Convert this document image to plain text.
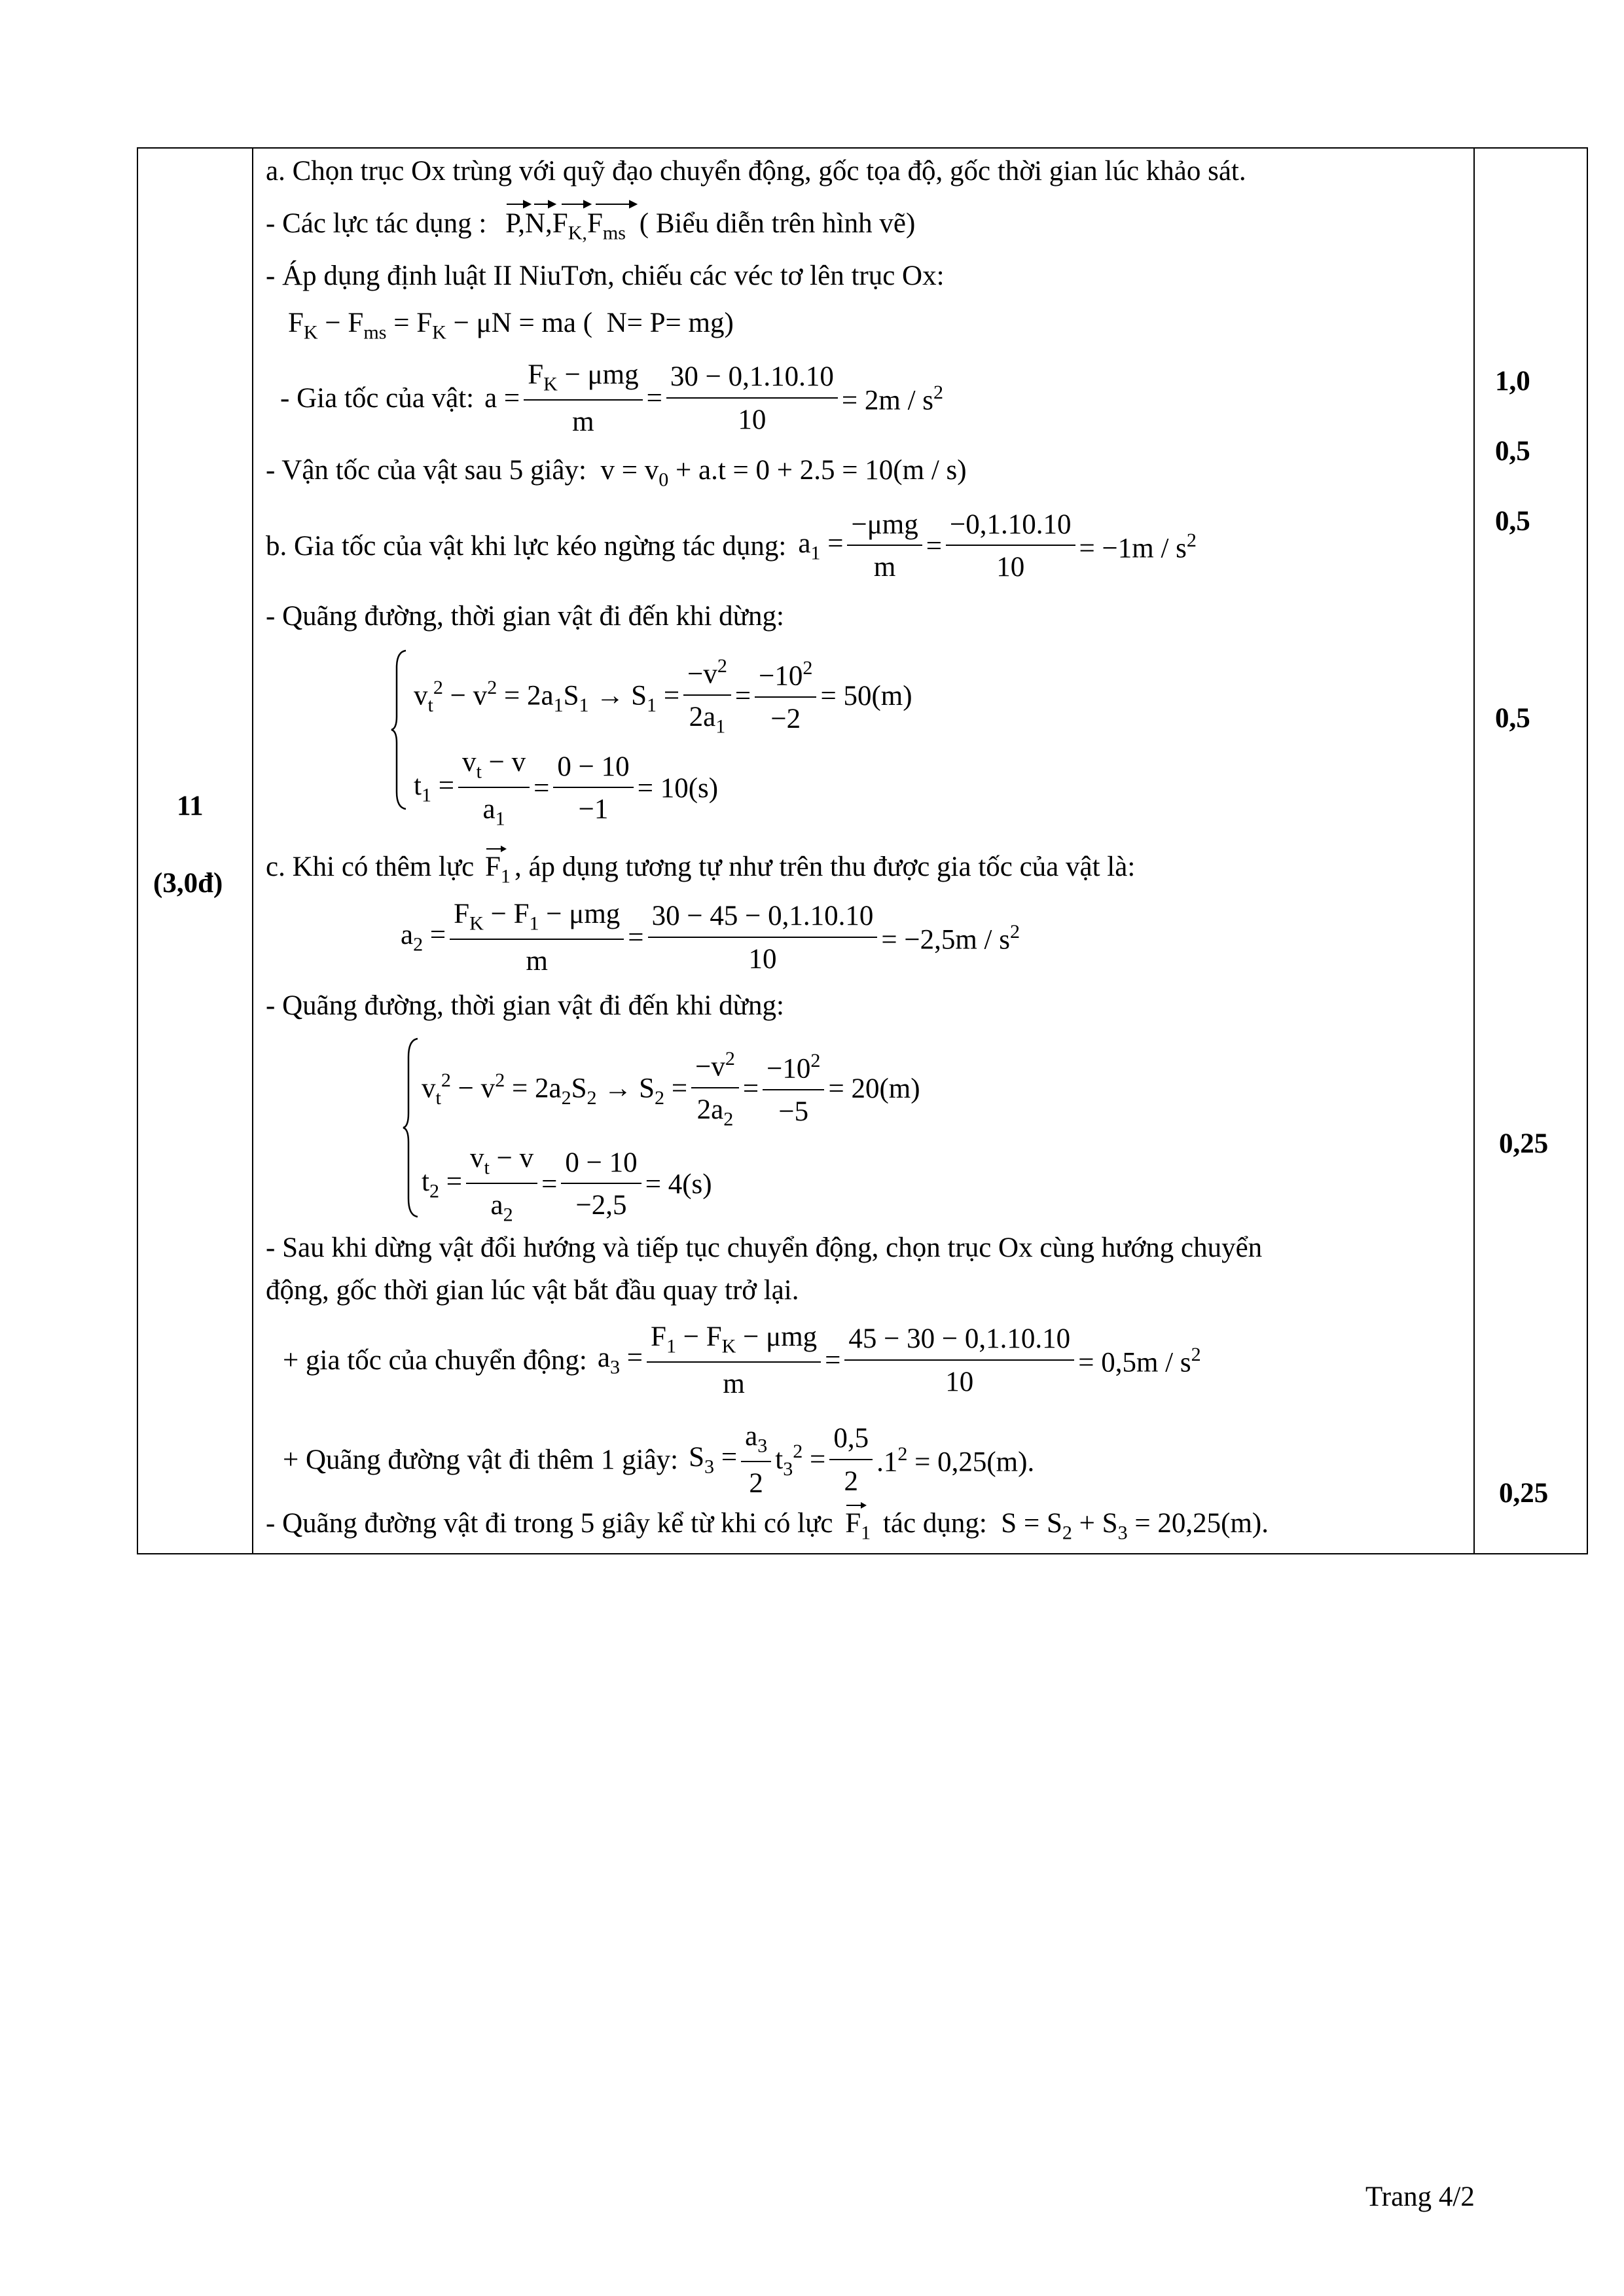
11
(3,0đ)
1,0
0,5
0,5
0,5
0,25
0,25
a. Chọn trục Ox trùng với quỹ đạo chuyển động, gốc tọa độ, gốc thời gian lúc khảo sát.
- Các lực tác dụng : $P,N,F_{K,}F_{ms}$ ( Biểu diễn trên hình vẽ)
- Áp dụng định luật II NiuTơn, chiếu các véc tơ lên trục Ox:
$F_K - F_{ms} = F_K - \mu N$ = ma (  N= P= mg)
- Gia tốc của vật: $a = \frac{F_K - \mu mg}{m} = \frac{30 - 0,1.10.10}{10} = 2m / s^2$
- Vận tốc của vật sau 5 giây:  $v = v_0 + a.t = 0 + 2.5 = 10(m / s)$
b. Gia tốc của vật khi lực kéo ngừng tác dụng: $a_1 = \frac{\text{−μmg}}{m} = \frac{-0,1.10.10}{10} = -1m / s^2$
- Quãng đường, thời gian vật đi đến khi dừng:
$v_t^2 - v^2 = 2a_1S_1 \to S_1 = \frac{-v^2}{2a_1} = \frac{-10^2}{-2} = 50(m)$
$t_1 = \frac{v_t - v}{a_1} = \frac{0 - 10}{-1} = 10(s)$
c. Khi có thêm lực $F_1$ , áp dụng tương tự như trên thu được gia tốc của vật là:
$a_2 = \frac{F_K - F_1 - \mu mg}{m} = \frac{30 - 45 - 0,1.10.10}{10} = -2,5m / s^2$
- Quãng đường, thời gian vật đi đến khi dừng:
$v_t^2 - v^2 = 2a_2S_2 \to S_2 = \frac{-v^2}{2a_2} = \frac{-10^2}{-5} = 20(m)$
$t_2 = \frac{v_t - v}{a_2} = \frac{0 - 10}{-2,5} = 4(s)$
- Sau khi dừng vật đổi hướng và tiếp tục chuyển động, chọn trục Ox cùng hướng chuyển
động, gốc thời gian lúc vật bắt đầu quay trở lại.
+ gia tốc của chuyển động: $a_3 = \frac{F_1 - F_K - \mu mg}{m} = \frac{45 - 30 - 0,1.10.10}{10} = 0,5m / s^2$
+ Quãng đường vật đi thêm 1 giây: $S_3 = \frac{a_3}{2} t_3^2 = \frac{0,5}{2} .1^2 = 0,25(m)$.
- Quãng đường vật đi trong 5 giây kể từ khi có lực $F_1$ tác dụng:  $S = S_2 + S_3 = 20,25(m)$.
Trang 4/2
